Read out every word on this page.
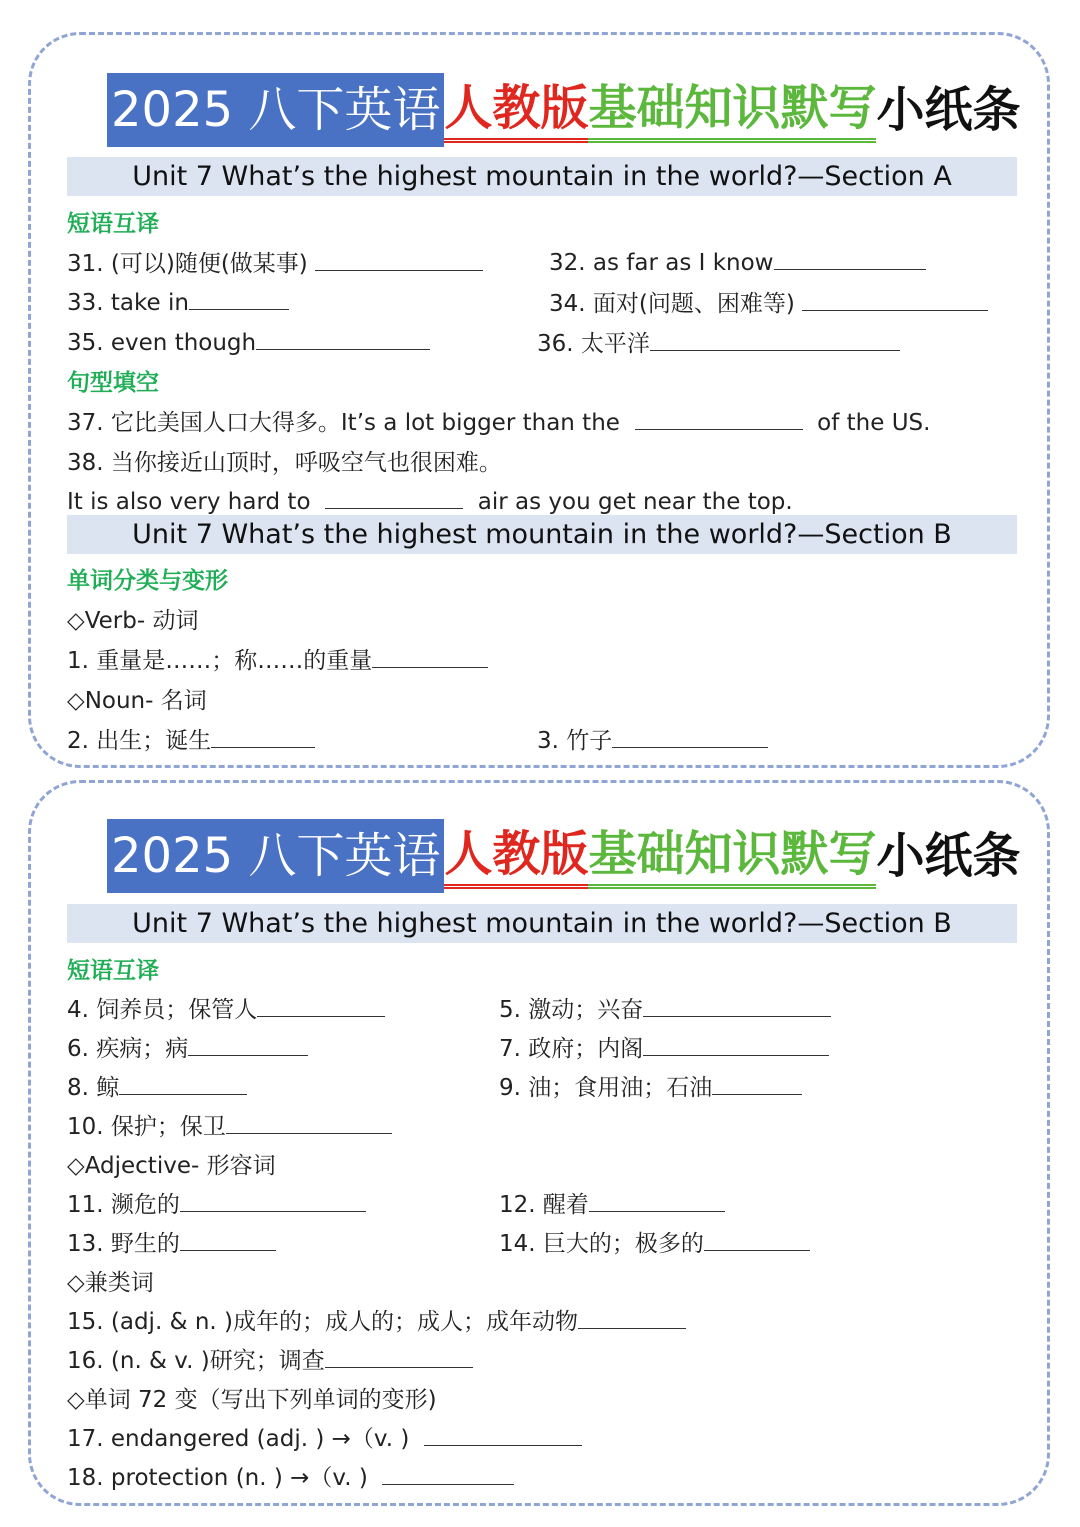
2025 八下英语 人教版 基础知识默写 小纸条
Unit 7 What’s the highest mountain in the world?—Section A
短语互译
31. (可以)随便(做某事)	32. as far as I know
33. take in	34. 面对(问题、困难等)
35. even though	36. 太平洋
句型填空
37. 它比美国人口大得多。It’s a lot bigger than the	of the US.
38. 当你接近山顶时，呼吸空气也很困难。
It is also very hard to	air as you get near the top.
Unit 7 What’s the highest mountain in the world?—Section B
单词分类与变形
◇Verb- 动词
1. 重量是……；称……的重量
◇Noun- 名词
2. 出生；诞生	3. 竹子
2025 八下英语 人教版 基础知识默写 小纸条
Unit 7 What’s the highest mountain in the world?—Section B
短语互译
4. 饲养员；保管人	5. 激动；兴奋
6. 疾病；病	7. 政府；内阁
8. 鲸	9. 油；食用油；石油
10. 保护；保卫
◇Adjective- 形容词
11. 濒危的	12. 醒着
13. 野生的	14. 巨大的；极多的
◇兼类词
15. (adj. & n. )成年的；成人的；成人；成年动物
16. (n. & v. )研究；调查
◇单词 72 变（写出下列单词的变形)
17. endangered (adj. ) →（v. )
18. protection (n. ) →（v. )
